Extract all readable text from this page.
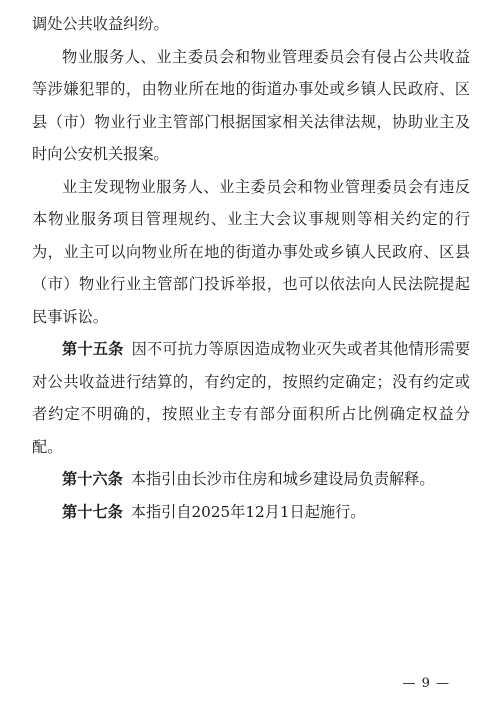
调处公共收益纠纷。

物业服务人、业主委员会和物业管理委员会有侵占公共收益等涉嫌犯罪的，由物业所在地的街道办事处或乡镇人民政府、区县（市）物业行业主管部门根据国家相关法律法规，协助业主及时向公安机关报案。

业主发现物业服务人、业主委员会和物业管理委员会有违反本物业服务项目管理规约、业主大会议事规则等相关约定的行为，业主可以向物业所在地的街道办事处或乡镇人民政府、区县（市）物业行业主管部门投诉举报，也可以依法向人民法院提起民事诉讼。

第十五条 因不可抗力等原因造成物业灭失或者其他情形需要对公共收益进行结算的，有约定的，按照约定确定；没有约定或者约定不明确的，按照业主专有部分面积所占比例确定权益分配。

第十六条 本指引由长沙市住房和城乡建设局负责解释。

第十七条 本指引自2025年12月1日起施行。

— 9 —
